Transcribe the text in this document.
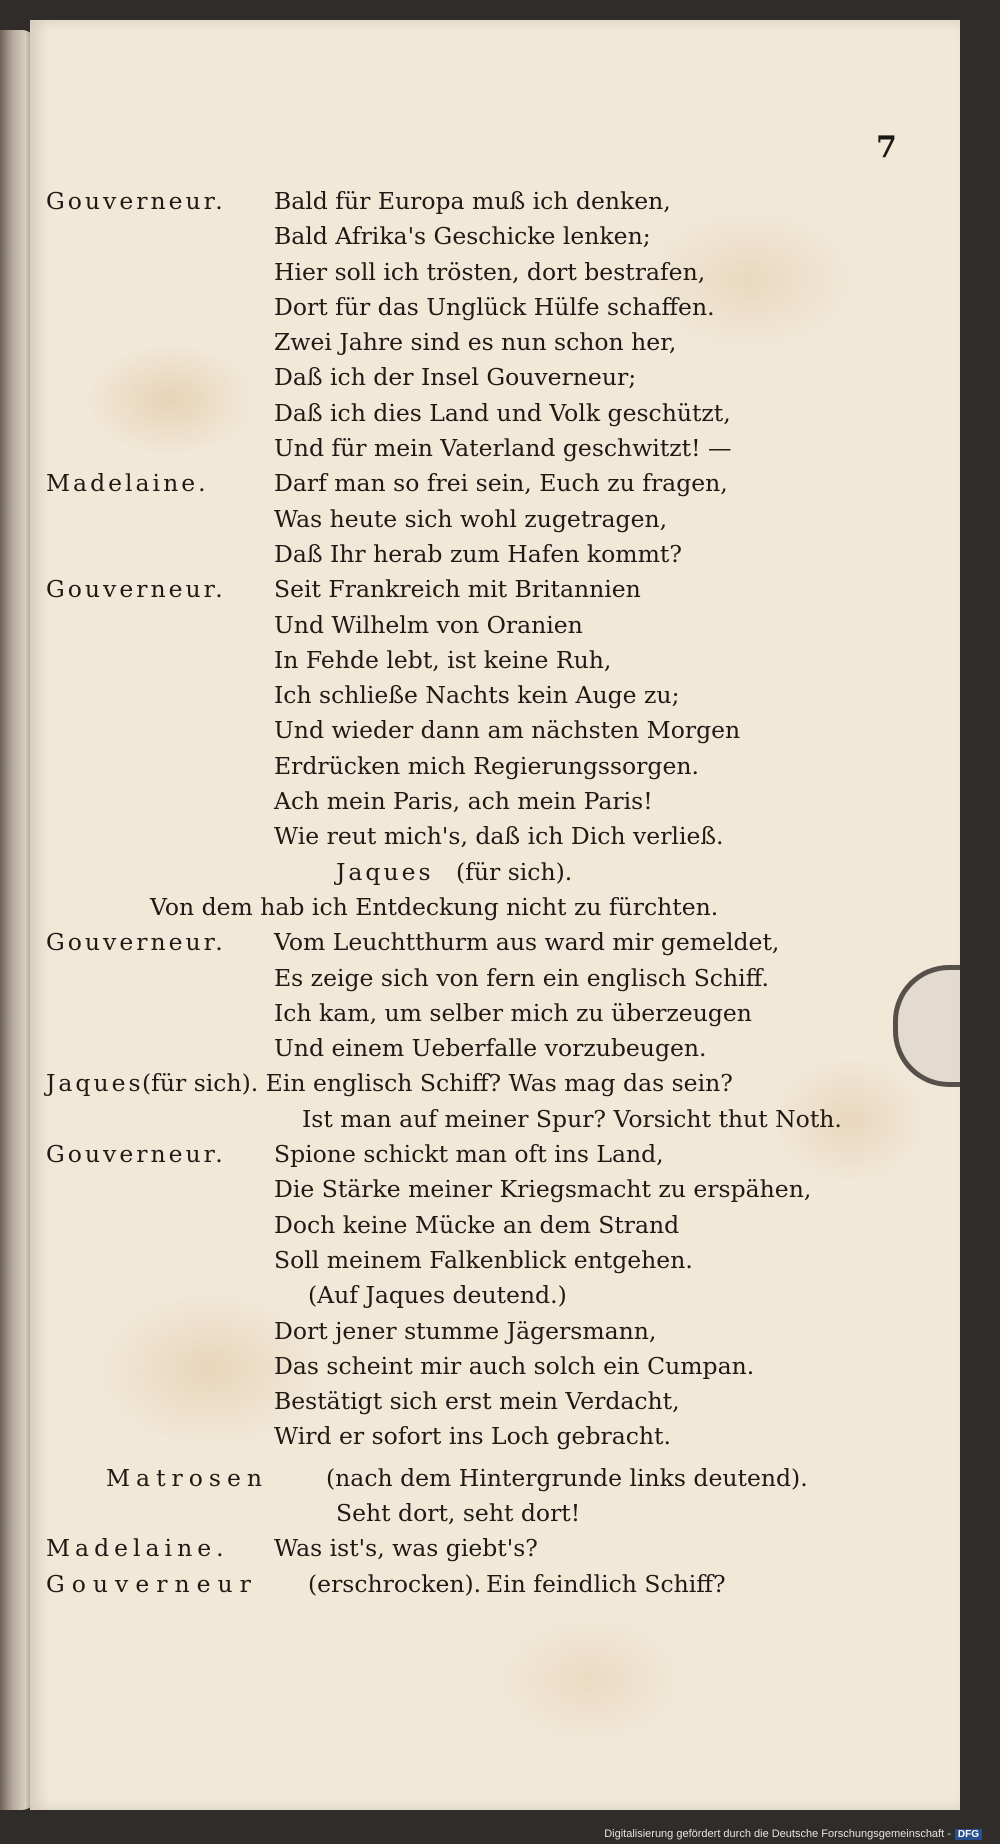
7
Gouverneur. Bald für Europa muß ich denken,
Bald Afrika's Geschicke lenken;
Hier soll ich trösten, dort bestrafen,
Dort für das Unglück Hülfe schaffen.
Zwei Jahre sind es nun schon her,
Daß ich der Insel Gouverneur;
Daß ich dies Land und Volk geschützt,
Und für mein Vaterland geschwitzt! —
Madelaine.	Darf man so frei sein, Euch zu fragen,
Was heute sich wohl zugetragen,
Daß Ihr herab zum Hafen kommt?
Gouverneur. Seit Frankreich mit Britannien
Und Wilhelm von Oranien
In Fehde lebt, ist keine Ruh,
Ich schließe Nachts kein Auge zu;
Und wieder dann am nächsten Morgen
Erdrücken mich Regierungssorgen.
Ach mein Paris, ach mein Paris!
Wie reut mich's, daß ich Dich verließ.
Jaques (für sich).
Von dem hab ich Entdeckung nicht zu fürchten.
Gouverneur. Vom Leuchtthurm aus ward mir gemeldet,
Es zeige sich von fern ein englisch Schiff.
Ich kam, um selber mich zu überzeugen
Und einem Ueberfalle vorzubeugen.
Jaques
(für sich). Ein englisch Schiff? Was mag das sein?
Ist man auf meiner Spur? Vorsicht thut Noth.
Gouverneur. Spione schickt man oft ins Land,
Die Stärke meiner Kriegsmacht zu erspähen,
Doch keine Mücke an dem Strand
Soll meinem Falkenblick entgehen.
(Auf Jaques deutend.)
Dort jener stumme Jägersmann,
Das scheint mir auch solch ein Cumpan.
Bestätigt sich erst mein Verdacht,
Wird er sofort ins Loch gebracht.
Matrosen (nach dem Hintergrunde links deutend).
Seht dort, seht dort!
Madelaine. Was ist's, was giebt's?
Gouverneur (erschrocken). Ein feindlich Schiff?
Digitalisierung gefördert durch die Deutsche Forschungsgemeinschaft - DFG
